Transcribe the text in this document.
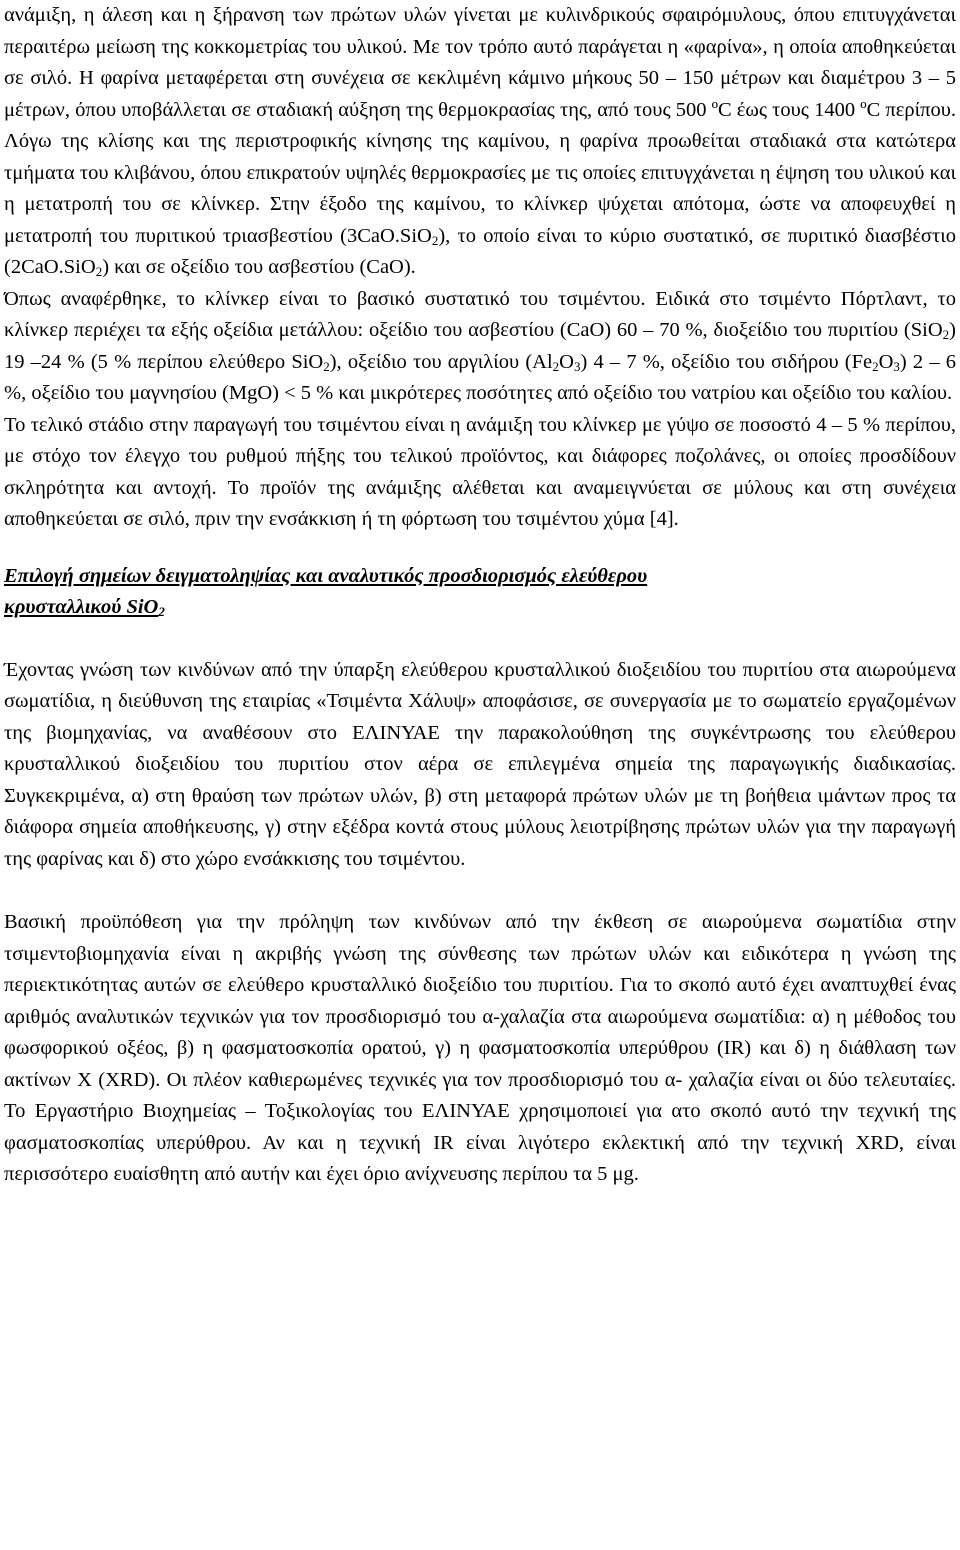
ανάμιξη, η άλεση και η ξήρανση των πρώτων υλών γίνεται με κυλινδρικούς σφαιρόμυλους, όπου επιτυγχάνεται περαιτέρω μείωση της κοκκομετρίας του υλικού. Με τον τρόπο αυτό παράγεται η «φαρίνα», η οποία αποθηκεύεται σε σιλό. Η φαρίνα μεταφέρεται στη συνέχεια σε κεκλιμένη κάμινο μήκους 50 – 150 μέτρων και διαμέτρου 3 – 5 μέτρων, όπου υποβάλλεται σε σταδιακή αύξηση της θερμοκρασίας της, από τους 500 ºC έως τους 1400 ºC περίπου. Λόγω της κλίσης και της περιστροφικής κίνησης της καμίνου, η φαρίνα προωθείται σταδιακά στα κατώτερα τμήματα του κλιβάνου, όπου επικρατούν υψηλές θερμοκρασίες με τις οποίες επιτυγχάνεται η έψηση του υλικού και η μετατροπή του σε κλίνκερ. Στην έξοδο της καμίνου, το κλίνκερ ψύχεται απότομα, ώστε να αποφευχθεί η μετατροπή του πυριτικού τριασβεστίου (3CaO.SiO$_2$), το οποίο είναι το κύριο συστατικό, σε πυριτικό διασβέστιο (2CaO.SiO$_2$) και σε οξείδιο του ασβεστίου (CaO).

Όπως αναφέρθηκε, το κλίνκερ είναι το βασικό συστατικό του τσιμέντου. Ειδικά στο τσιμέντο Πόρτλαντ, το κλίνκερ περιέχει τα εξής οξείδια μετάλλου: οξείδιο του ασβεστίου (CaO) 60 – 70 %, διοξείδιο του πυριτίου (SiO$_2$) 19 –24 % (5 % περίπου ελεύθερο SiO$_2$), οξείδιο του αργιλίου $(Al_2O_3)$ 4 – 7 %, οξείδιο του σιδήρου $(Fe_2O_3)$ 2 – 6 %, οξείδιο του μαγνησίου (MgO) < 5 % και μικρότερες ποσότητες από οξείδιο του νατρίου και οξείδιο του καλίου.

Το τελικό στάδιο στην παραγωγή του τσιμέντου είναι η ανάμιξη του κλίνκερ με γύψο σε ποσοστό 4 – 5 % περίπου, με στόχο τον έλεγχο του ρυθμού πήξης του τελικού προϊόντος, και διάφορες ποζολάνες, οι οποίες προσδίδουν σκληρότητα και αντοχή. Το προϊόν της ανάμιξης αλέθεται και αναμειγνύεται σε μύλους και στη συνέχεια αποθηκεύεται σε σιλό, πριν την ενσάκκιση ή τη φόρτωση του τσιμέντου χύμα [4].

Επιλογή σημείων δειγματοληψίας και αναλυτικός προσδιορισμός ελεύθερου
κρυσταλλικού SiO$_2$

Έχοντας γνώση των κινδύνων από την ύπαρξη ελεύθερου κρυσταλλικού διοξειδίου του πυριτίου στα αιωρούμενα σωματίδια, η διεύθυνση της εταιρίας «Τσιμέντα Χάλυψ» αποφάσισε, σε συνεργασία με το σωματείο εργαζομένων της βιομηχανίας, να αναθέσουν στο ΕΛΙΝΥΑΕ την παρακολούθηση της συγκέντρωσης του ελεύθερου κρυσταλλικού διοξειδίου του πυριτίου στον αέρα σε επιλεγμένα σημεία της παραγωγικής διαδικασίας. Συγκεκριμένα, α) στη θραύση των πρώτων υλών, β) στη μεταφορά πρώτων υλών με τη βοήθεια ιμάντων προς τα διάφορα σημεία αποθήκευσης, γ) στην εξέδρα κοντά στους μύλους λειοτρίβησης πρώτων υλών για την παραγωγή της φαρίνας και δ) στο χώρο ενσάκκισης του τσιμέντου.

Βασική προϋπόθεση για την πρόληψη των κινδύνων από την έκθεση σε αιωρούμενα σωματίδια στην τσιμεντοβιομηχανία είναι η ακριβής γνώση της σύνθεσης των πρώτων υλών και ειδικότερα η γνώση της περιεκτικότητας αυτών σε ελεύθερο κρυσταλλικό διοξείδιο του πυριτίου. Για το σκοπό αυτό έχει αναπτυχθεί ένας αριθμός αναλυτικών τεχνικών για τον προσδιορισμό του α-χαλαζία στα αιωρούμενα σωματίδια: α) η μέθοδος του φωσφορικού οξέος, β) η φασματοσκοπία ορατού, γ) η φασματοσκοπία υπερύθρου (IR) και δ) η διάθλαση των ακτίνων Χ (XRD). Οι πλέον καθιερωμένες τεχνικές για τον προσδιορισμό του α- χαλαζία είναι οι δύο τελευταίες. Το Εργαστήριο Βιοχημείας – Τοξικολογίας του ΕΛΙΝΥΑΕ χρησιμοποιεί για ατο σκοπό αυτό την τεχνική της φασματοσκοπίας υπερύθρου. Αν και η τεχνική IR είναι λιγότερο εκλεκτική από την τεχνική XRD, είναι περισσότερο ευαίσθητη από αυτήν και έχει όριο ανίχνευσης περίπου τα 5 μg.
